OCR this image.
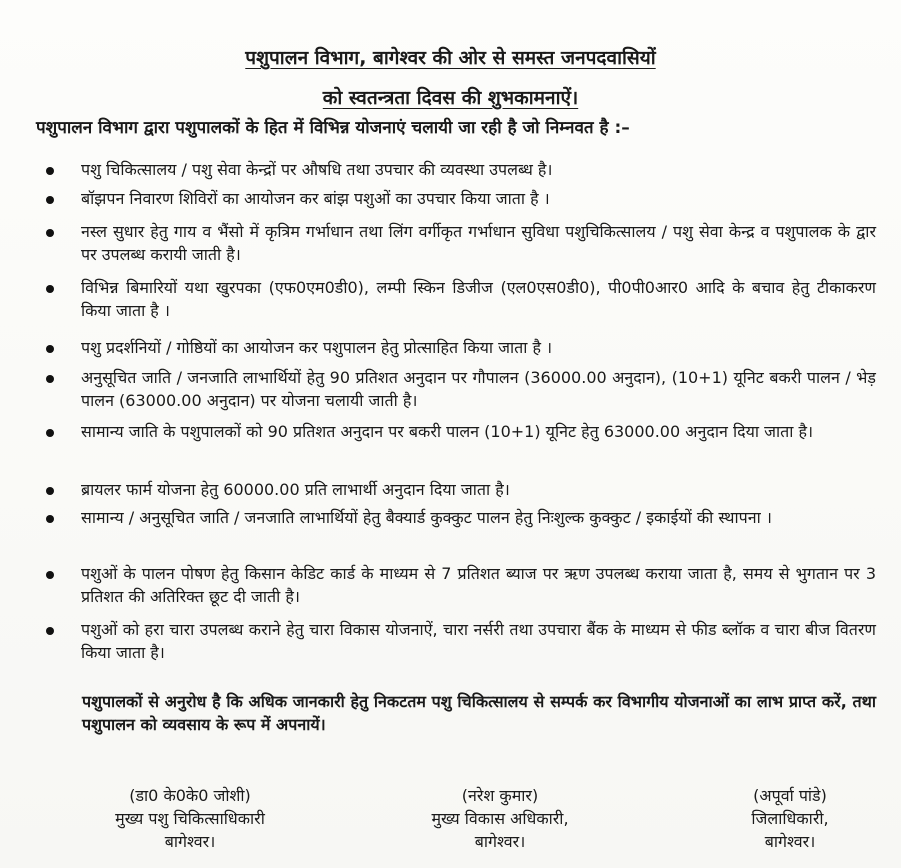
पशुपालन विभाग, बागेश्वर की ओर से समस्त जनपदवासियों
को स्वतन्त्रता दिवस की शुभकामनाऐं।
पशुपालन विभाग द्वारा पशुपालकों के हित में विभिन्न योजनाएं चलायी जा रही है जो निम्नवत है :–
पशु चिकित्सालय / पशु सेवा केन्द्रों पर औषधि तथा उपचार की व्यवस्था उपलब्ध है।
बॉझपन निवारण शिविरों का आयोजन कर बांझ पशुओं का उपचार किया जाता है ।
नस्ल सुधार हेतु गाय व भैंसो में कृत्रिम गर्भाधान तथा लिंग वर्गीकृत गर्भाधान सुविधा पशुचिकित्सालय / पशु सेवा केन्द्र व पशुपालक के द्वार पर उपलब्ध करायी जाती है।
विभिन्न बिमारियों यथा खुरपका (एफ0एम0डी0), लम्पी स्किन डिजीज (एल0एस0डी0), पी0पी0आर0 आदि के बचाव हेतु टीकाकरण किया जाता है ।
पशु प्रदर्शनियों / गोष्ठियों का आयोजन कर पशुपालन हेतु प्रोत्साहित किया जाता है ।
अनुसूचित जाति / जनजाति लाभार्थियों हेतु 90 प्रतिशत अनुदान पर गौपालन (36000.00 अनुदान), (10+1) यूनिट बकरी पालन / भेड़ पालन (63000.00 अनुदान) पर योजना चलायी जाती है।
सामान्य जाति के पशुपालकों को 90 प्रतिशत अनुदान पर बकरी पालन (10+1) यूनिट हेतु 63000.00 अनुदान दिया जाता है।
ब्रायलर फार्म योजना हेतु 60000.00 प्रति लाभार्थी अनुदान दिया जाता है।
सामान्य / अनुसूचित जाति / जनजाति लाभार्थियों हेतु बैक्यार्ड कुक्कुट पालन हेतु निःशुल्क कुक्कुट / इकाईयों की स्थापना ।
पशुओं के पालन पोषण हेतु किसान केडिट कार्ड के माध्यम से 7 प्रतिशत ब्याज पर ऋण उपलब्ध कराया जाता है, समय से भुगतान पर 3 प्रतिशत की अतिरिक्त छूट दी जाती है।
पशुओं को हरा चारा उपलब्ध कराने हेतु चारा विकास योजनाऐं, चारा नर्सरी तथा उपचारा बैंक के माध्यम से फीड ब्लॉक व चारा बीज वितरण किया जाता है।
पशुपालकों से अनुरोध है कि अधिक जानकारी हेतु निकटतम पशु चिकित्सालय से सम्पर्क कर विभागीय योजनाओं का लाभ प्राप्त करें, तथा पशुपालन को व्यवसाय के रूप में अपनायें।
(डा0 के0के0 जोशी)
मुख्य पशु चिकित्साधिकारी
बागेश्वर।
(नरेश कुमार)
मुख्य विकास अधिकारी,
बागेश्वर।
(अपूर्वा पांडे)
जिलाधिकारी,
बागेश्वर।
